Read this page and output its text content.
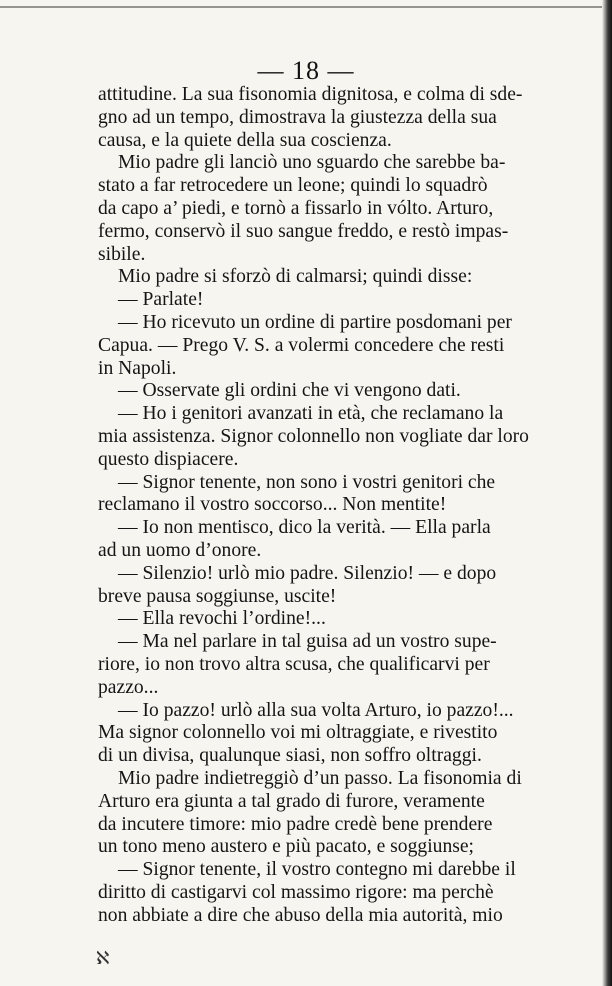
— 18 —

attitudine. La sua fisonomia dignitosa, e colma di sde-

gno ad un tempo, dimostrava la giustezza della sua

causa, e la quiete della sua coscienza.

Mio padre gli lanciò uno sguardo che sarebbe ba-

stato a far retrocedere un leone; quindi lo squadrò

da capo a’ piedi, e tornò a fissarlo in vólto. Arturo,

fermo, conservò il suo sangue freddo, e restò impas-

sibile.

Mio padre si sforzò di calmarsi; quindi disse:

— Parlate!

— Ho ricevuto un ordine di partire posdomani per

Capua. — Prego V. S. a volermi concedere che resti

in Napoli.

— Osservate gli ordini che vi vengono dati.

— Ho i genitori avanzati in età, che reclamano la

mia assistenza. Signor colonnello non vogliate dar loro

questo dispiacere.

— Signor tenente, non sono i vostri genitori che

reclamano il vostro soccorso... Non mentite!

— Io non mentisco, dico la verità. — Ella parla

ad un uomo d’onore.

— Silenzio! urlò mio padre. Silenzio! — e dopo

breve pausa soggiunse, uscite!

— Ella revochi l’ordine!...

— Ma nel parlare in tal guisa ad un vostro supe-

riore, io non trovo altra scusa, che qualificarvi per

pazzo...

— Io pazzo! urlò alla sua volta Arturo, io pazzo!...

Ma signor colonnello voi mi oltraggiate, e rivestito

di un divisa, qualunque siasi, non soffro oltraggi.

Mio padre indietreggiò d’un passo. La fisonomia di

Arturo era giunta a tal grado di furore, veramente

da incutere timore: mio padre credè bene prendere

un tono meno austero e più pacato, e soggiunse;

— Signor tenente, il vostro contegno mi darebbe il

diritto di castigarvi col massimo rigore: ma perchè

non abbiate a dire che abuso della mia autorità, mio

ℵ
